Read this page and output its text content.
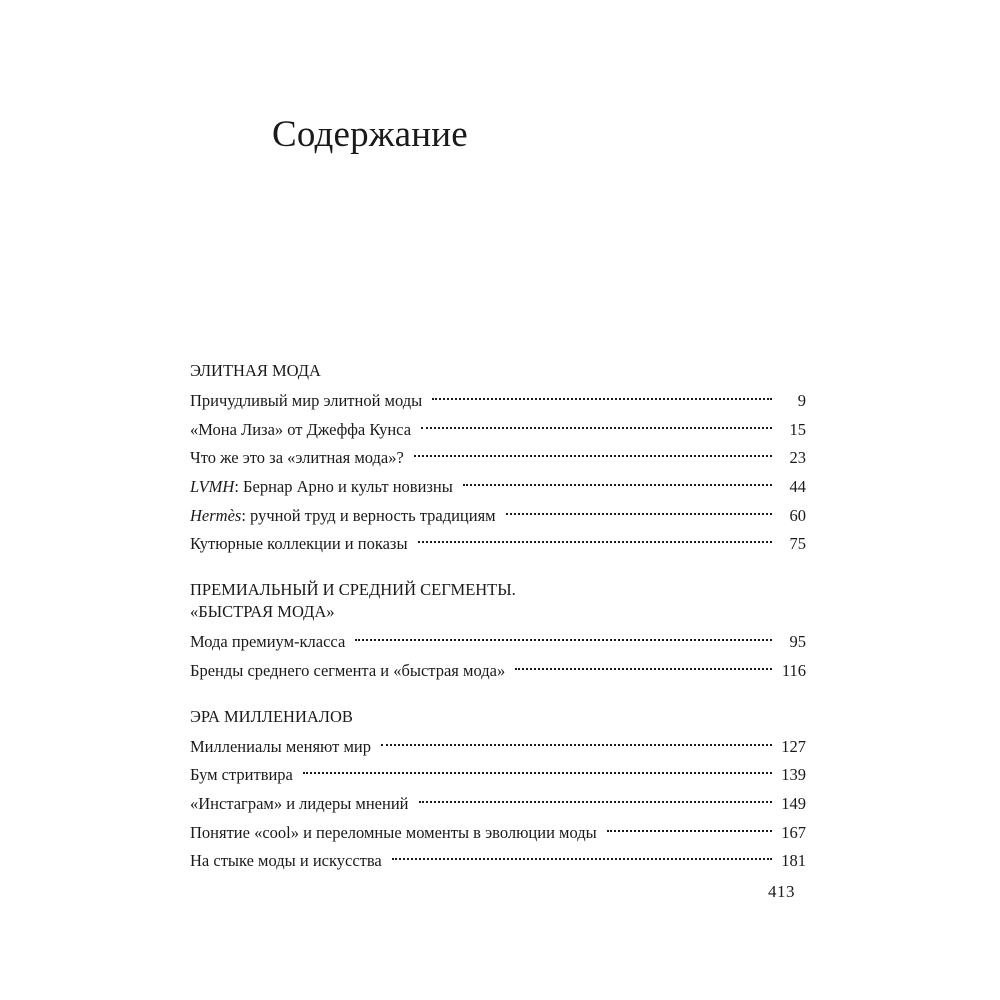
Содержание
ЭЛИТНАЯ МОДА
Причудливый мир элитной моды	9
«Мона Лиза» от Джеффа Кунса	15
Что же это за «элитная мода»?	23
LVMH: Бернар Арно и культ новизны	44
Hermès: ручной труд и верность традициям	60
Кутюрные коллекции и показы	75
ПРЕМИАЛЬНЫЙ И СРЕДНИЙ СЕГМЕНТЫ.
«БЫСТРАЯ МОДА»
Мода премиум-класса	95
Бренды среднего сегмента и «быстрая мода»	116
ЭРА МИЛЛЕНИАЛОВ
Миллениалы меняют мир	127
Бум стритвира	139
«Инстаграм» и лидеры мнений	149
Понятие «cool» и переломные моменты в эволюции моды	167
На стыке моды и искусства	181
413
